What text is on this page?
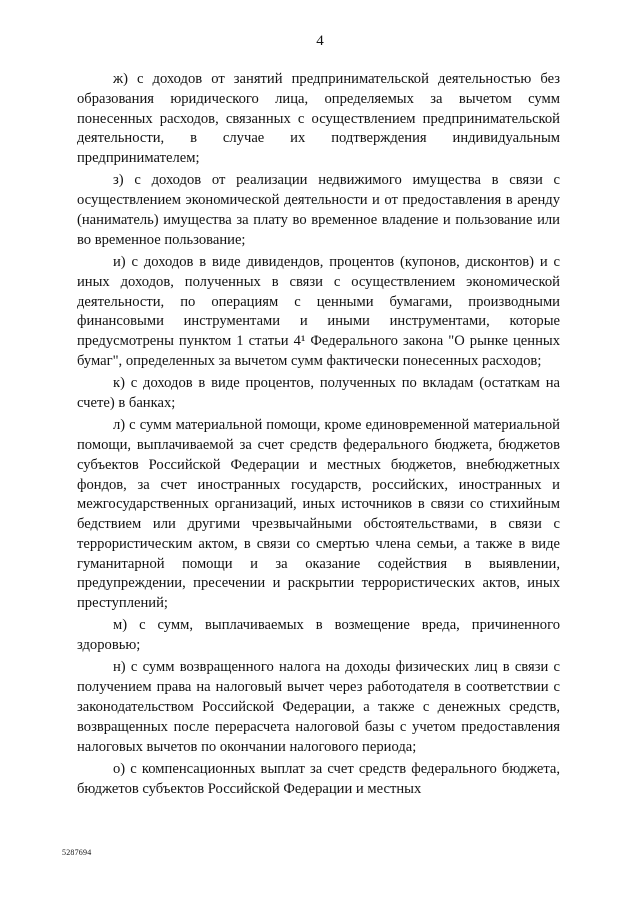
4

ж) с доходов от занятий предпринимательской деятельностью без образования юридического лица, определяемых за вычетом сумм понесенных расходов, связанных с осуществлением предпринимательской деятельности, в случае их подтверждения индивидуальным предпринимателем;

з) с доходов от реализации недвижимого имущества в связи с осуществлением экономической деятельности и от предоставления в аренду (наниматель) имущества за плату во временное владение и пользование или во временное пользование;

и) с доходов в виде дивидендов, процентов (купонов, дисконтов) и с иных доходов, полученных в связи с осуществлением экономической деятельности, по операциям с ценными бумагами, производными финансовыми инструментами и иными инструментами, которые предусмотрены пунктом 1 статьи 4¹ Федерального закона "О рынке ценных бумаг", определенных за вычетом сумм фактически понесенных расходов;

к) с доходов в виде процентов, полученных по вкладам (остаткам на счете) в банках;

л) с сумм материальной помощи, кроме единовременной материальной помощи, выплачиваемой за счет средств федерального бюджета, бюджетов субъектов Российской Федерации и местных бюджетов, внебюджетных фондов, за счет иностранных государств, российских, иностранных и межгосударственных организаций, иных источников в связи со стихийным бедствием или другими чрезвычайными обстоятельствами, в связи с террористическим актом, в связи со смертью члена семьи, а также в виде гуманитарной помощи и за оказание содействия в выявлении, предупреждении, пресечении и раскрытии террористических актов, иных преступлений;

м) с сумм, выплачиваемых в возмещение вреда, причиненного здоровью;

н) с сумм возвращенного налога на доходы физических лиц в связи с получением права на налоговый вычет через работодателя в соответствии с законодательством Российской Федерации, а также с денежных средств, возвращенных после перерасчета налоговой базы с учетом предоставления налоговых вычетов по окончании налогового периода;

о) с компенсационных выплат за счет средств федерального бюджета, бюджетов субъектов Российской Федерации и местных

5287694
